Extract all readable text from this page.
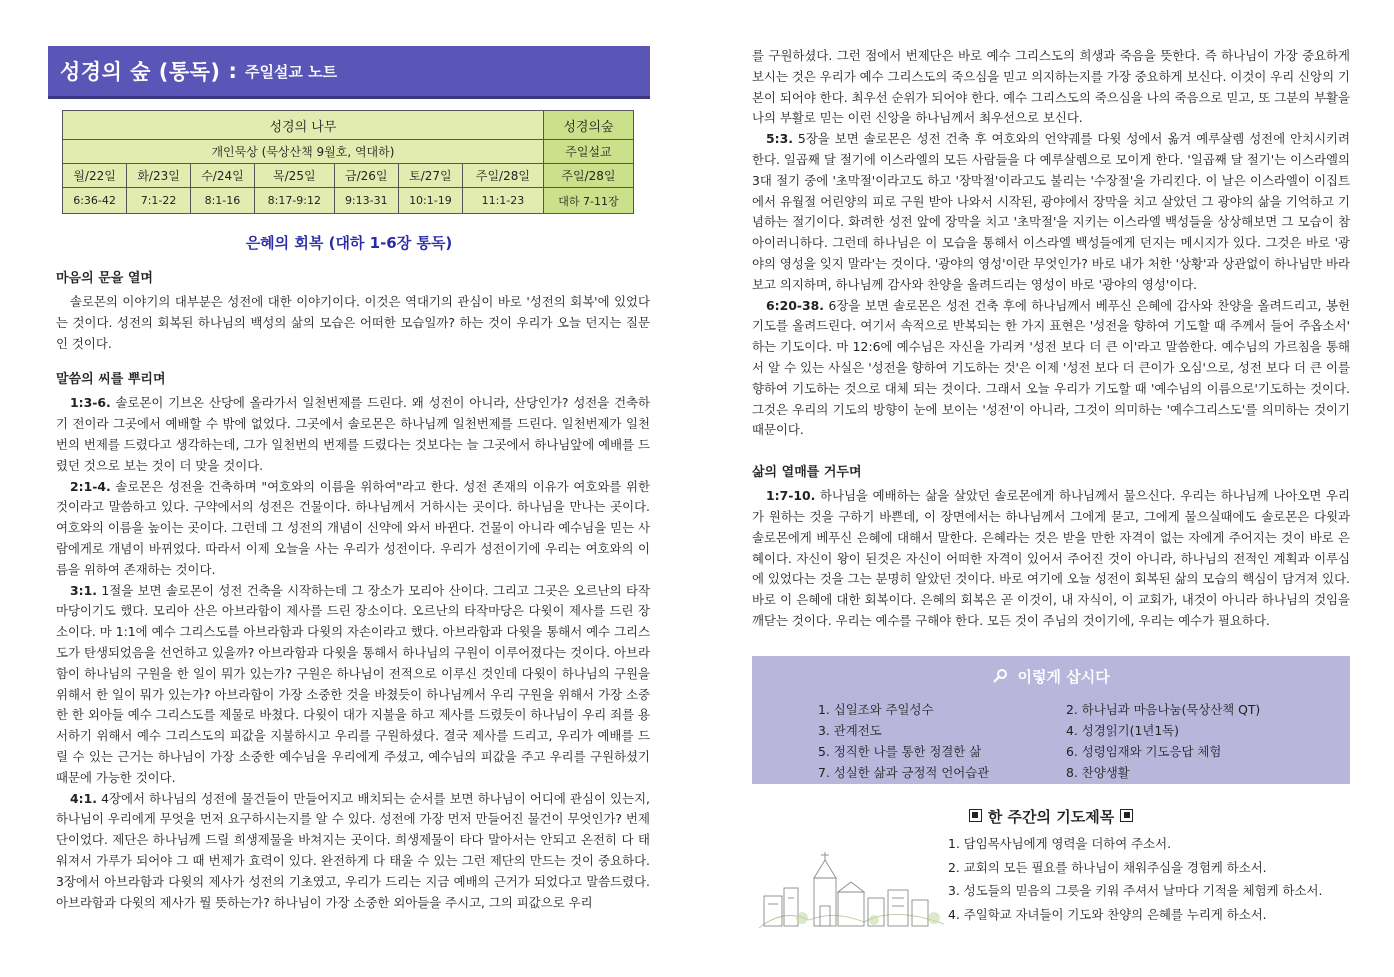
성경의 숲 (통독) : 주일설교 노트
성경의 나무							성경의숲
개인묵상 (묵상산책 9월호, 역대하)							주일설교
월/22일	화/23일	수/24일	목/25일	금/26일	토/27일	주일/28일	주일/28일
6:36-42	7:1-22	8:1-16	8:17-9:12	9:13-31	10:1-19	11:1-23	대하 7-11장
은혜의 회복 (대하 1-6장 통독)
마음의 문을 열며

솔로몬의 이야기의 대부분은 성전에 대한 이야기이다. 이것은 역대기의 관심이 바로 '성전의 회복'에 있었다는 것이다. 성전의 회복된 하나님의 백성의 삶의 모습은 어떠한 모습일까? 하는 것이 우리가 오늘 던지는 질문인 것이다.

말씀의 씨를 뿌리며

1:3-6. 솔로몬이 기브온 산당에 올라가서 일천번제를 드린다. 왜 성전이 아니라, 산당인가? 성전을 건축하기 전이라 그곳에서 예배할 수 밖에 없었다. 그곳에서 솔로몬은 하나님께 일천번제를 드린다. 일천번제가 일천번의 번제를 드렸다고 생각하는데, 그가 일천번의 번제를 드렸다는 것보다는 늘 그곳에서 하나님앞에 예배를 드렸던 것으로 보는 것이 더 맞을 것이다.

2:1-4. 솔로몬은 성전을 건축하며 "여호와의 이름을 위하여"라고 한다. 성전 존재의 이유가 여호와를 위한 것이라고 말씀하고 있다. 구약에서의 성전은 건물이다. 하나님께서 거하시는 곳이다. 하나님을 만나는 곳이다. 여호와의 이름을 높이는 곳이다. 그런데 그 성전의 개념이 신약에 와서 바뀐다. 건물이 아니라 예수님을 믿는 사람에게로 개념이 바뀌었다. 따라서 이제 오늘을 사는 우리가 성전이다. 우리가 성전이기에 우리는 여호와의 이름을 위하여 존재하는 것이다.

3:1. 1절을 보면 솔로몬이 성전 건축을 시작하는데 그 장소가 모리아 산이다. 그리고 그곳은 오르난의 타작마당이기도 했다. 모리아 산은 아브라함이 제사를 드린 장소이다. 오르난의 타작마당은 다윗이 제사를 드린 장소이다. 마 1:1에 예수 그리스도를 아브라함과 다윗의 자손이라고 했다. 아브라함과 다윗을 통해서 예수 그리스도가 탄생되었음을 선언하고 있을까? 아브라함과 다윗을 통해서 하나님의 구원이 이루어졌다는 것이다. 아브라함이 하나님의 구원을 한 일이 뭐가 있는가? 구원은 하나님이 전적으로 이루신 것인데 다윗이 하나님의 구원을 위해서 한 일이 뭐가 있는가? 아브라함이 가장 소중한 것을 바쳤듯이 하나님께서 우리 구원을 위해서 가장 소중한 한 외아들 예수 그리스도를 제물로 바쳤다. 다윗이 대가 지불을 하고 제사를 드렸듯이 하나님이 우리 죄를 용서하기 위해서 예수 그리스도의 피값을 지불하시고 우리를 구원하셨다. 결국 제사를 드리고, 우리가 예배를 드릴 수 있는 근거는 하나님이 가장 소중한 예수님을 우리에게 주셨고, 예수님의 피값을 주고 우리를 구원하셨기 때문에 가능한 것이다.

4:1. 4장에서 하나님의 성전에 물건들이 만들어지고 배치되는 순서를 보면 하나님이 어디에 관심이 있는지, 하나님이 우리에게 무엇을 먼저 요구하시는지를 알 수 있다. 성전에 가장 먼저 만들어진 물건이 무엇인가? 번제단이었다. 제단은 하나님께 드릴 희생제물을 바쳐지는 곳이다. 희생제물이 타다 말아서는 안되고 온전히 다 태워져서 가루가 되어야 그 때 번제가 효력이 있다. 완전하게 다 태울 수 있는 그런 제단의 만드는 것이 중요하다. 3장에서 아브라함과 다윗의 제사가 성전의 기초였고, 우리가 드리는 지금 예배의 근거가 되었다고 말씀드렸다. 아브라함과 다윗의 제사가 뭘 뜻하는가? 하나님이 가장 소중한 외아들을 주시고, 그의 피값으로 우리

를 구원하셨다. 그런 점에서 번제단은 바로 예수 그리스도의 희생과 죽음을 뜻한다. 즉 하나님이 가장 중요하게 보시는 것은 우리가 예수 그리스도의 죽으심을 믿고 의지하는지를 가장 중요하게 보신다. 이것이 우리 신앙의 기본이 되어야 한다. 최우선 순위가 되어야 한다. 예수 그리스도의 죽으심을 나의 죽음으로 믿고, 또 그분의 부활을 나의 부활로 믿는 이런 신앙을 하나님께서 최우선으로 보신다.

5:3. 5장을 보면 솔로몬은 성전 건축 후 여호와의 언약궤를 다윗 성에서 옮겨 예루살렘 성전에 안치시키려 한다. 일곱째 달 절기에 이스라엘의 모든 사람들을 다 예루살렘으로 모이게 한다. '일곱째 달 절기'는 이스라엘의 3대 절기 중에 '초막절'이라고도 하고 '장막절'이라고도 불리는 '수장절'을 가리킨다. 이 날은 이스라엘이 이집트에서 유월절 어린양의 피로 구원 받아 나와서 시작된, 광야에서 장막을 치고 살았던 그 광야의 삶을 기억하고 기념하는 절기이다. 화려한 성전 앞에 장막을 치고 '초막절'을 지키는 이스라엘 백성들을 상상해보면 그 모습이 참 아이러니하다. 그런데 하나님은 이 모습을 통해서 이스라엘 백성들에게 던지는 메시지가 있다. 그것은 바로 '광야의 영성을 잊지 말라'는 것이다. '광야의 영성'이란 무엇인가? 바로 내가 처한 '상황'과 상관없이 하나님만 바라보고 의지하며, 하나님께 감사와 찬양을 올려드리는 영성이 바로 '광야의 영성'이다.

6:20-38. 6장을 보면 솔로몬은 성전 건축 후에 하나님께서 베푸신 은혜에 감사와 찬양을 올려드리고, 봉헌 기도를 올려드린다. 여기서 속적으로 반복되는 한 가지 표현은 '성전을 향하여 기도할 때 주께서 들어 주옵소서' 하는 기도이다. 마 12:6에 예수님은 자신을 가리켜 '성전 보다 더 큰 이'라고 말씀한다. 예수님의 가르침을 통해서 알 수 있는 사실은 '성전을 향하여 기도하는 것'은 이제 '성전 보다 더 큰이가 오심'으로, 성전 보다 더 큰 이를 향하여 기도하는 것으로 대체 되는 것이다. 그래서 오늘 우리가 기도할 때 '예수님의 이름으로'기도하는 것이다. 그것은 우리의 기도의 방향이 눈에 보이는 '성전'이 아니라, 그것이 의미하는 '예수그리스도'를 의미하는 것이기 때문이다.

삶의 열매를 거두며

1:7-10. 하나님을 예배하는 삶을 살았던 솔로몬에게 하나님께서 물으신다. 우리는 하나님께 나아오면 우리가 원하는 것을 구하기 바쁜데, 이 장면에서는 하나님께서 그에게 묻고, 그에게 물으실때에도 솔로몬은 다윗과 솔로몬에게 베푸신 은혜에 대해서 말한다. 은혜라는 것은 받을 만한 자격이 없는 자에게 주어지는 것이 바로 은혜이다. 자신이 왕이 된것은 자신이 어떠한 자격이 있어서 주어진 것이 아니라, 하나님의 전적인 계획과 이루심에 있었다는 것을 그는 분명히 알았던 것이다. 바로 여기에 오늘 성전이 회복된 삶의 모습의 핵심이 담겨져 있다. 바로 이 은혜에 대한 회복이다. 은혜의 회복은 곧 이것이, 내 자식이, 이 교회가, 내것이 아니라 하나님의 것임을 깨닫는 것이다. 우리는 예수를 구해야 한다. 모든 것이 주님의 것이기에, 우리는 예수가 필요하다.

이렇게 삽시다
1. 십일조와 주일성수	2. 하나님과 마음나눔(묵상산책 QT)
3. 관계전도	4. 성경읽기(1년1독)
5. 정직한 나를 통한 정결한 삶	6. 성령임재와 기도응답 체험
7. 성실한 삶과 긍정적 언어습관	8. 찬양생활
한 주간의 기도제목
1. 담임목사님에게 영력을 더하여 주소서.
2. 교회의 모든 필요를 하나님이 채워주심을 경험케 하소서.
3. 성도들의 믿음의 그릇을 키워 주셔서 날마다 기적을 체험케 하소서.
4. 주일학교 자녀들이 기도와 찬양의 은혜를 누리게 하소서.
